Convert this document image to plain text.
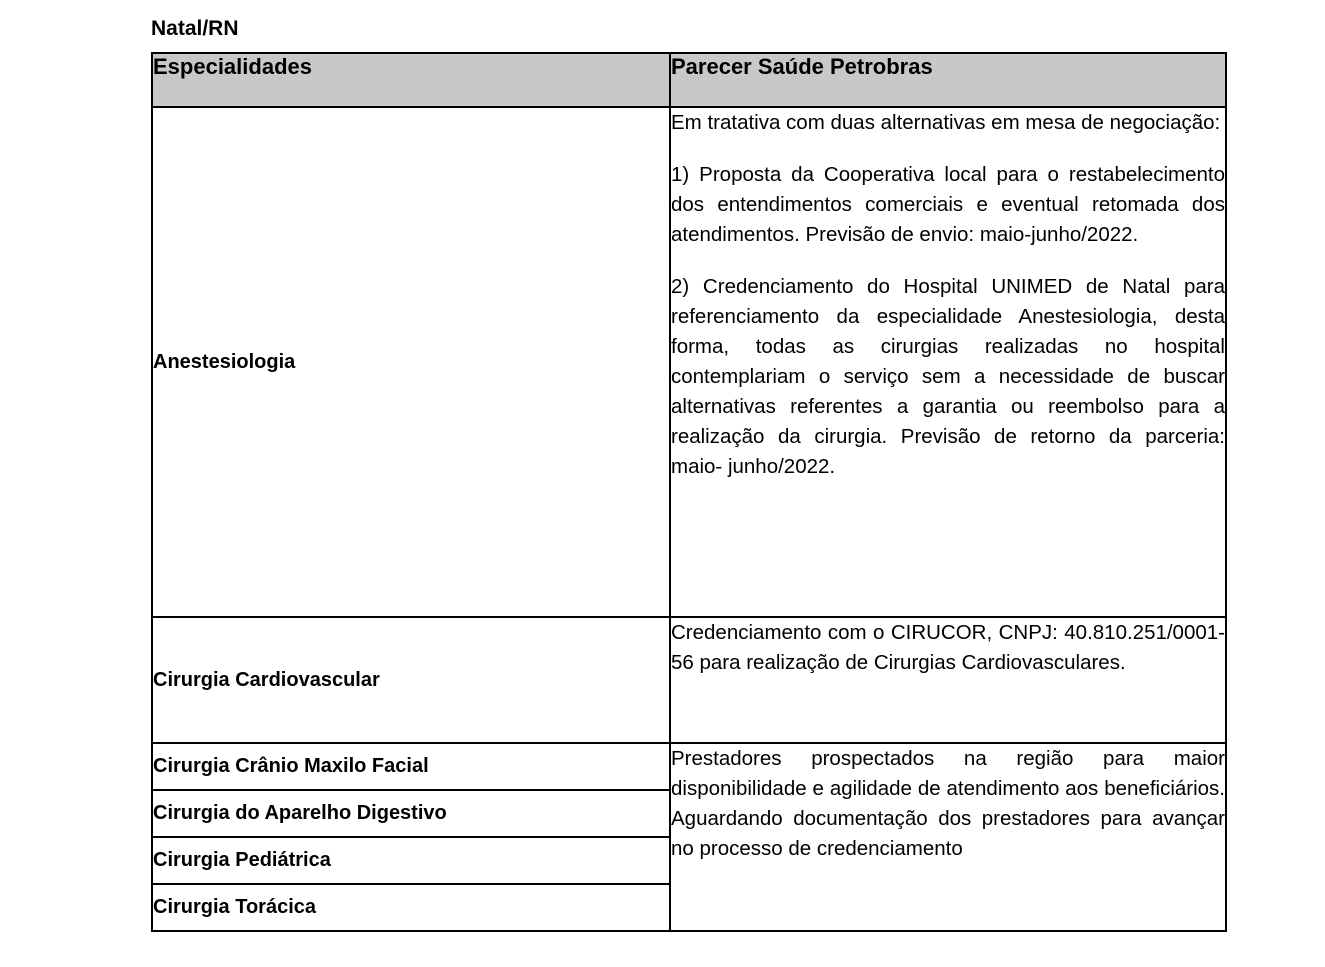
Natal/RN
Especialidades	Parecer Saúde Petrobras
Anestesiologia	Em tratativa com duas alternativas em mesa de negociação:

1) Proposta da Cooperativa local para o restabelecimento dos entendimentos comerciais e eventual retomada dos atendimentos. Previsão de envio: maio-junho/2022.

2) Credenciamento do Hospital UNIMED de Natal para referenciamento da especialidade Anestesiologia, desta forma, todas as cirurgias realizadas no hospital contemplariam o serviço sem a necessidade de buscar alternativas referentes a garantia ou reembolso para a realização da cirurgia. Previsão de retorno da parceria: maio- junho/2022.

Cirurgia Cardiovascular	Credenciamento com o CIRUCOR, CNPJ: 40.810.251/0001-56 para realização de Cirurgias Cardiovasculares.

Cirurgia Crânio Maxilo Facial	Prestadores prospectados na região para maior disponibilidade e agilidade de atendimento aos beneficiários. Aguardando documentação dos prestadores para avançar no processo de credenciamento

Cirurgia do Aparelho Digestivo	
Cirurgia Pediátrica	
Cirurgia Torácica	
